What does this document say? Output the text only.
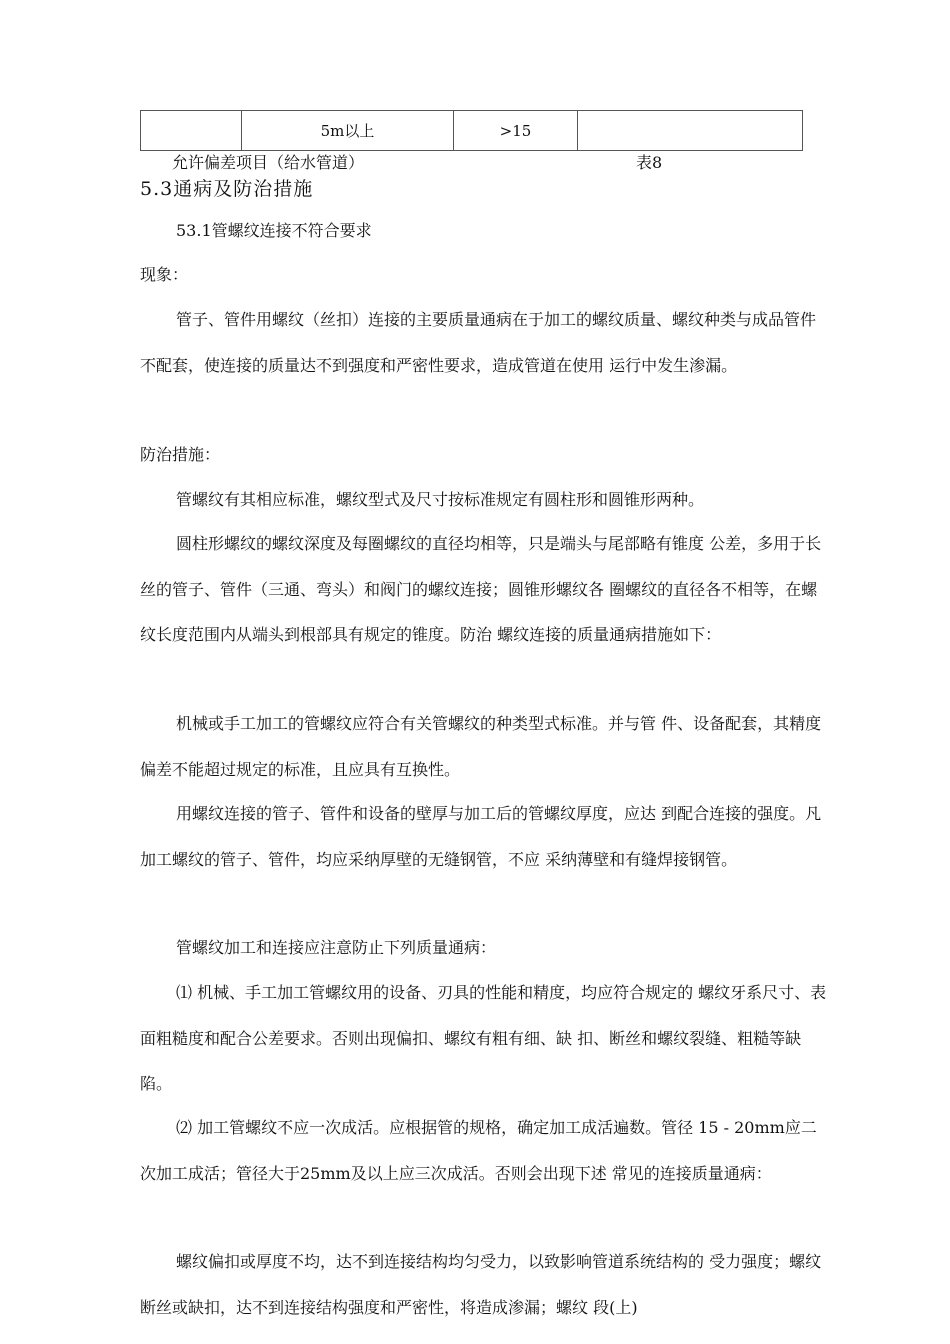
	5m以上	>15	
允许偏差项目（给水管道）	表8
5.3通病及防治措施
53.1管螺纹连接不符合要求

现象：

管子、管件用螺纹（丝扣）连接的主要质量通病在于加工的螺纹质量、螺纹种类与成品管件不配套，使连接的质量达不到强度和严密性要求，造成管道在使用 运行中发生渗漏。

防治措施：

管螺纹有其相应标准，螺纹型式及尺寸按标准规定有圆柱形和圆锥形两种。

圆柱形螺纹的螺纹深度及每圈螺纹的直径均相等，只是端头与尾部略有锥度 公差，多用于长丝的管子、管件（三通、弯头）和阀门的螺纹连接；圆锥形螺纹各 圈螺纹的直径各不相等，在螺纹长度范围内从端头到根部具有规定的锥度。防治 螺纹连接的质量通病措施如下：

机械或手工加工的管螺纹应符合有关管螺纹的种类型式标准。并与管 件、设备配套，其精度偏差不能超过规定的标准，且应具有互换性。

用螺纹连接的管子、管件和设备的壁厚与加工后的管螺纹厚度，应达 到配合连接的强度。凡加工螺纹的管子、管件，均应采纳厚壁的无缝钢管，不应 采纳薄壁和有缝焊接钢管。

管螺纹加工和连接应注意防止下列质量通病：

⑴ 机械、手工加工管螺纹用的设备、刃具的性能和精度，均应符合规定的 螺纹牙系尺寸、表面粗糙度和配合公差要求。否则出现偏扣、螺纹有粗有细、缺 扣、断丝和螺纹裂缝、粗糙等缺陷。

⑵ 加工管螺纹不应一次成活。应根据管的规格，确定加工成活遍数。管径 15 - 20mm应二次加工成活；管径大于25mm及以上应三次成活。否则会出现下述 常见的连接质量通病：

螺纹偏扣或厚度不均，达不到连接结构均匀受力，以致影响管道系统结构的 受力强度；螺纹断丝或缺扣，达不到连接结构强度和严密性，将造成渗漏；螺纹 段(上)
